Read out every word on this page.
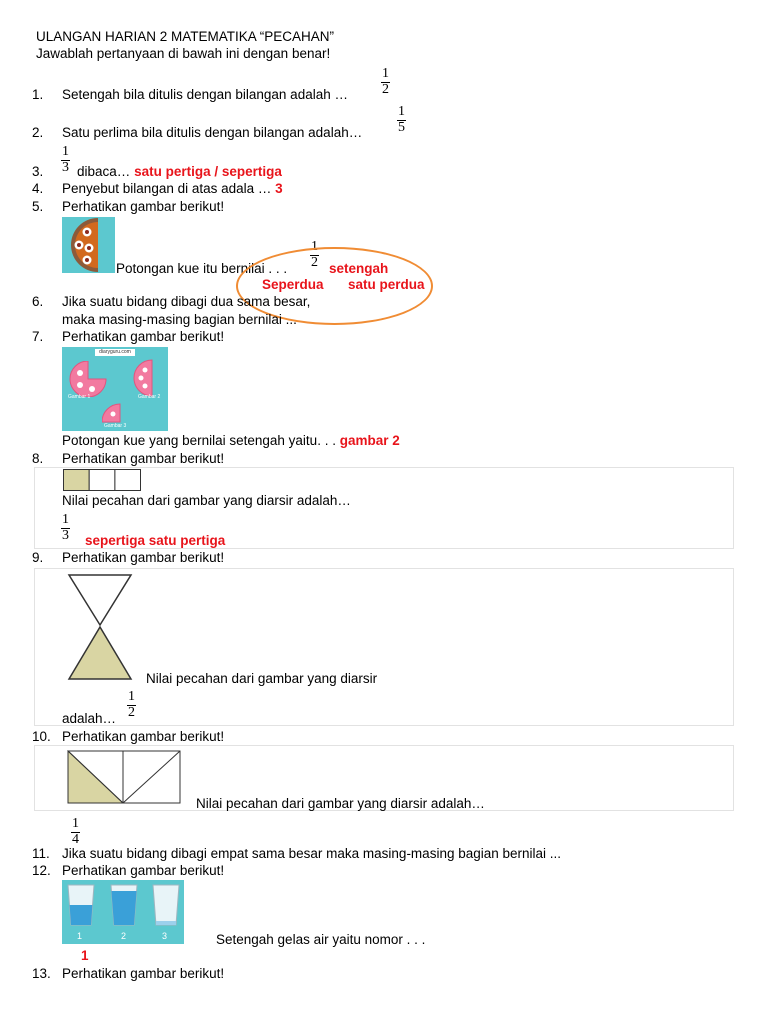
ULANGAN HARIAN 2 MATEMATIKA “PECAHAN”
Jawablah pertanyaan di bawah ini dengan benar!
1. Setengah bila ditulis dengan bilangan adalah … $\frac{1}{2}$
2. Satu perlima bila ditulis dengan bilangan adalah… $\frac{1}{5}$
3. $\frac{1}{3}$ dibaca… satu pertiga / sepertiga
4. Penyebut bilangan di atas adala … 3
5. Perhatikan gambar berikut!
Potongan kue itu bernilai . . . $\frac{1}{2}$ setengah
Seperdua satu perdua
6. Jika suatu bidang dibagi dua sama besar,
maka masing-masing bagian bernilai ...
7. Perhatikan gambar berikut!
diaryguru.com
Gambar 1	Gambar 2
Gambar 3
Potongan kue yang bernilai setengah yaitu. . . gambar 2
8. Perhatikan gambar berikut!
Nilai pecahan dari gambar yang diarsir adalah…
$\frac{1}{3}$ sepertiga satu pertiga
9. Perhatikan gambar berikut!
Nilai pecahan dari gambar yang diarsir
adalah… $\frac{1}{2}$
10. Perhatikan gambar berikut!
Nilai pecahan dari gambar yang diarsir adalah…
$\frac{1}{4}$
11. Jika suatu bidang dibagi empat sama besar maka masing-masing bagian bernilai ...
12. Perhatikan gambar berikut!
1	2	3	Setengah gelas air yaitu nomor . . .
1
13. Perhatikan gambar berikut!
